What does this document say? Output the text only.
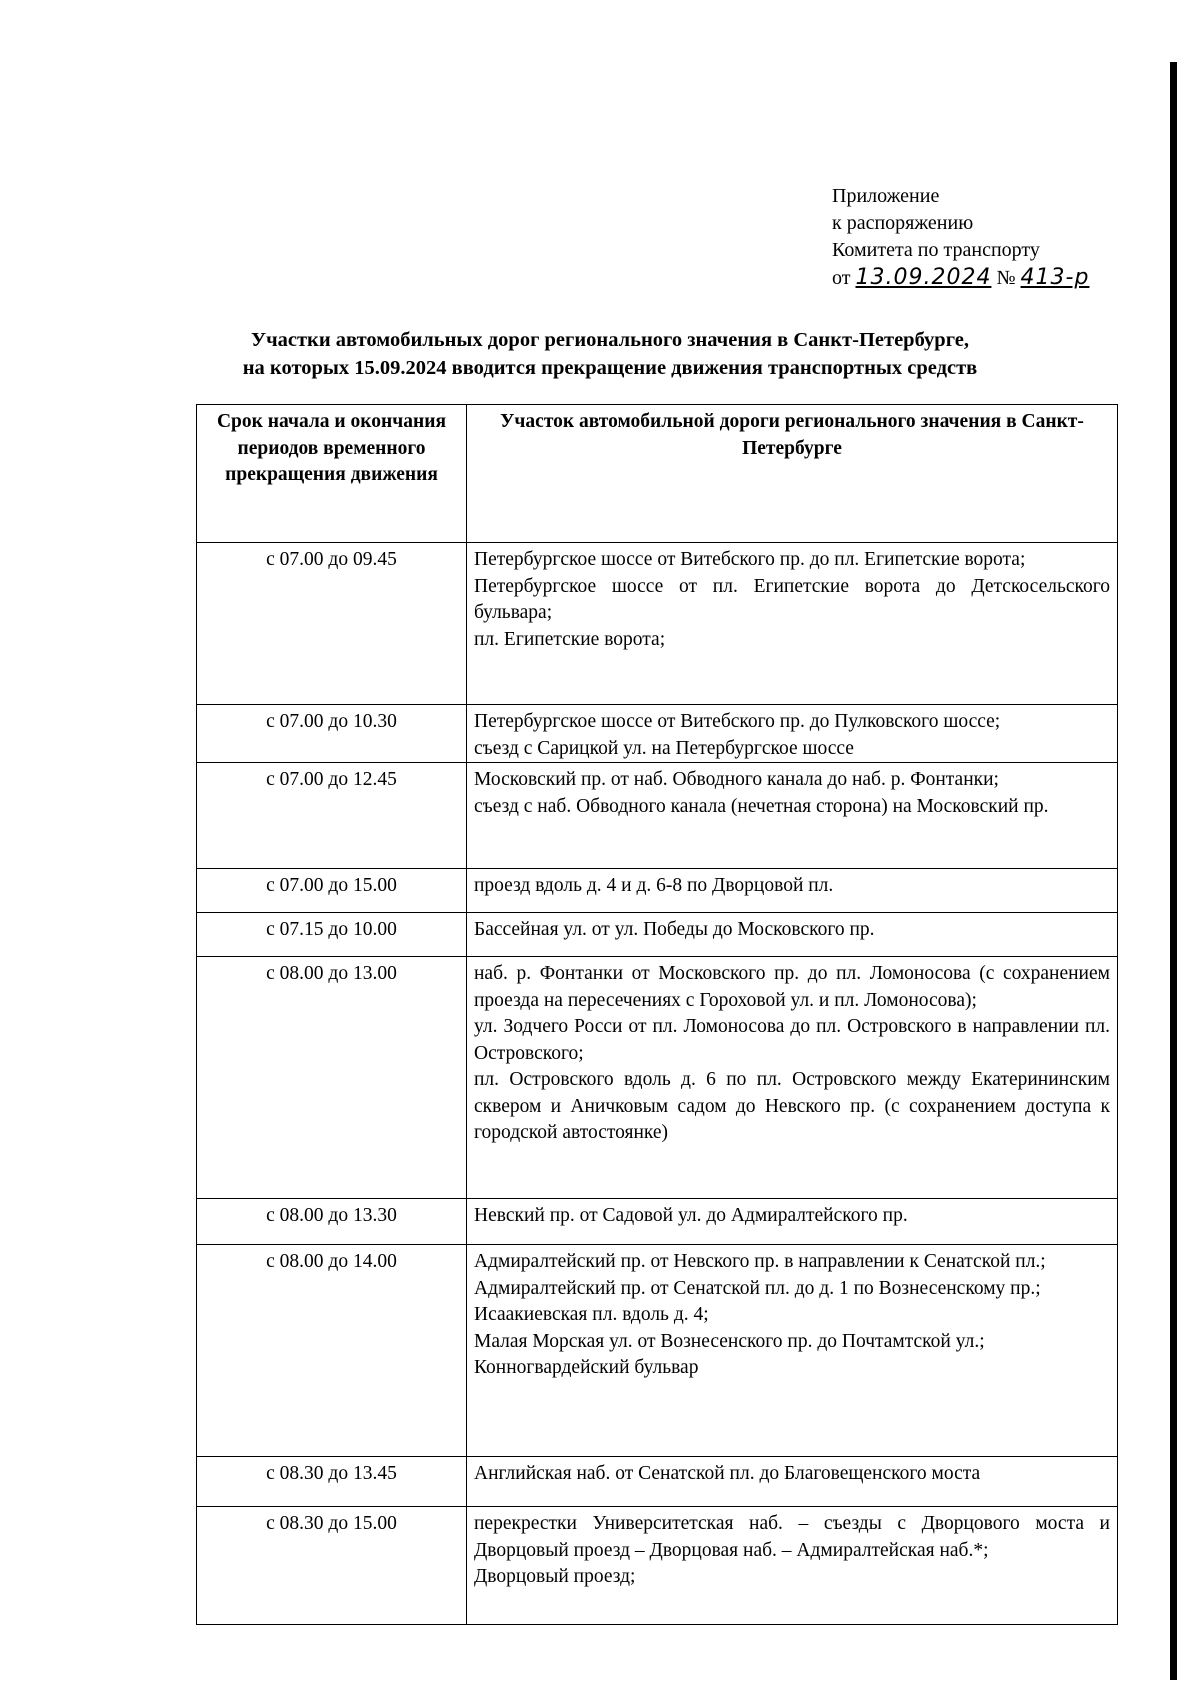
Приложение
к распоряжению
Комитета по транспорту
от 13.09.2024 № 413-р
Участки автомобильных дорог регионального значения в Санкт-Петербурге,
на которых 15.09.2024 вводится прекращение движения транспортных средств
Срок начала и окончания периодов временного прекращения движения	Участок автомобильной дороги регионального значения в Санкт-Петербурге
с 07.00 до 09.45	Петербургское шоссе от Витебского пр. до пл. Египетские ворота;
Петербургское шоссе от пл. Египетские ворота до Детскосельского бульвара;
пл. Египетские ворота;

с 07.00 до 10.30	Петербургское шоссе от Витебского пр. до Пулковского шоссе;
съезд с Сарицкой ул. на Петербургское шоссе

с 07.00 до 12.45	Московский пр. от наб. Обводного канала до наб. р. Фонтанки;
съезд с наб. Обводного канала (нечетная сторона) на Московский пр.

с 07.00 до 15.00	проезд вдоль д. 4 и д. 6-8 по Дворцовой пл.

с 07.15 до 10.00	Бассейная ул. от ул. Победы до Московского пр.

с 08.00 до 13.00	наб. р. Фонтанки от Московского пр. до пл. Ломоносова (с сохранением проезда на пересечениях с Гороховой ул. и пл. Ломоносова);
ул. Зодчего Росси от пл. Ломоносова до пл. Островского в направлении пл. Островского;
пл. Островского вдоль д. 6 по пл. Островского между Екатерининским сквером и Аничковым садом до Невского пр. (с сохранением доступа к городской автостоянке)

с 08.00 до 13.30	Невский пр. от Садовой ул. до Адмиралтейского пр.

с 08.00 до 14.00	Адмиралтейский пр. от Невского пр. в направлении к Сенатской пл.;
Адмиралтейский пр. от Сенатской пл. до д. 1 по Вознесенскому пр.;
Исаакиевская пл. вдоль д. 4;
Малая Морская ул. от Вознесенского пр. до Почтамтской ул.;
Конногвардейский бульвар

с 08.30 до 13.45	Английская наб. от Сенатской пл. до Благовещенского моста

с 08.30 до 15.00	перекрестки Университетская наб. – съезды с Дворцового моста и Дворцовый проезд – Дворцовая наб. – Адмиралтейская наб.*;
Дворцовый проезд;
